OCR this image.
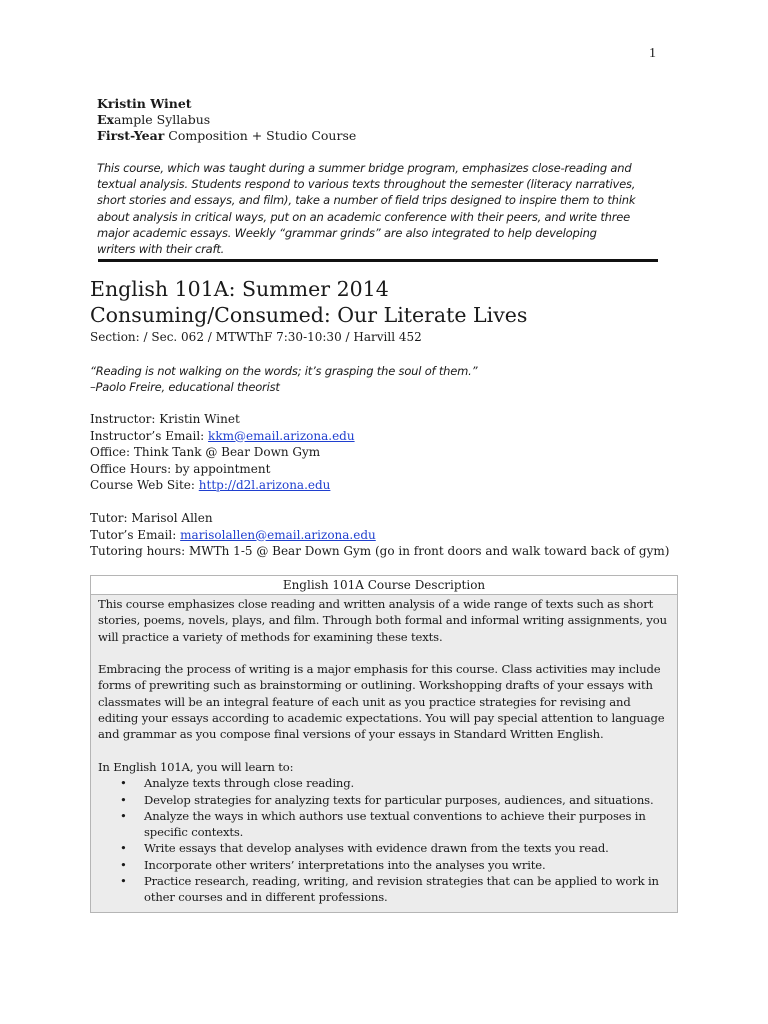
1
Kristin Winet
Example Syllabus
First-Year Composition + Studio Course
This course, which was taught during a summer bridge program, emphasizes close-reading and textual analysis. Students respond to various texts throughout the semester (literacy narratives, short stories and essays, and film), take a number of field trips designed to inspire them to think about analysis in critical ways, put on an academic conference with their peers, and write three major academic essays. Weekly “grammar grinds” are also integrated to help developing writers with their craft.
English 101A: Summer 2014
Consuming/Consumed: Our Literate Lives
Section: / Sec. 062 / MTWThF 7:30-10:30 / Harvill 452
“Reading is not walking on the words; it’s grasping the soul of them.”
–Paolo Freire, educational theorist
Instructor: Kristin Winet
Instructor’s Email: kkm@email.arizona.edu
Office: Think Tank @ Bear Down Gym
Office Hours: by appointment
Course Web Site: http://d2l.arizona.edu
Tutor: Marisol Allen
Tutor’s Email: marisolallen@email.arizona.edu
Tutoring hours: MWTh 1-5 @ Bear Down Gym (go in front doors and walk toward back of gym)
English 101A Course Description

This course emphasizes close reading and written analysis of a wide range of texts such as short stories, poems, novels, plays, and film. Through both formal and informal writing assignments, you will practice a variety of methods for examining these texts.

Embracing the process of writing is a major emphasis for this course. Class activities may include forms of prewriting such as brainstorming or outlining. Workshopping drafts of your essays with classmates will be an integral feature of each unit as you practice strategies for revising and editing your essays according to academic expectations. You will pay special attention to language and grammar as you compose final versions of your essays in Standard Written English.

In English 101A, you will learn to:
• Analyze texts through close reading.
• Develop strategies for analyzing texts for particular purposes, audiences, and situations.
• Analyze the ways in which authors use textual conventions to achieve their purposes in specific contexts.
• Write essays that develop analyses with evidence drawn from the texts you read.
• Incorporate other writers’ interpretations into the analyses you write.
• Practice research, reading, writing, and revision strategies that can be applied to work in other courses and in different professions.
